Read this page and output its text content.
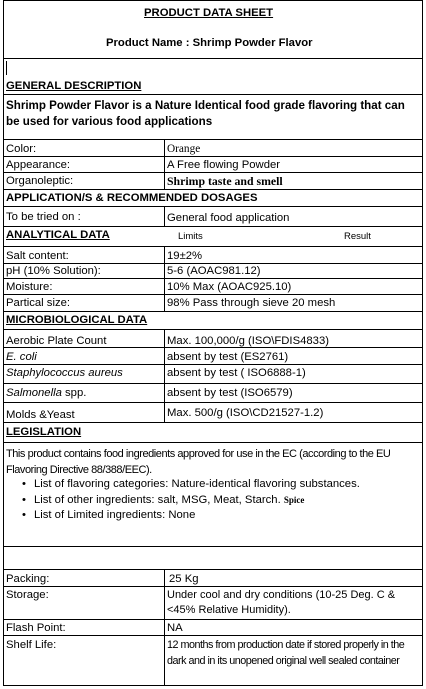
PRODUCT DATA SHEET
Product Name : Shrimp Powder Flavor
GENERAL DESCRIPTION
Shrimp Powder Flavor is a Nature Identical food grade flavoring that can be used for various food applications
Color:	Orange
Appearance:	A Free flowing Powder
Organoleptic:	Shrimp taste and smell
APPLICATION/S & RECOMMENDED DOSAGES
To be tried on :	General food application
ANALYTICAL DATA	Limits	Result
Salt content:	19±2%
pH (10% Solution):	5-6 (AOAC981.12)
Moisture:	10% Max (AOAC925.10)
Partical size:	98% Pass through sieve 20 mesh
MICROBIOLOGICAL DATA
Aerobic Plate Count	Max. 100,000/g (ISO\FDIS4833)
E. coli	absent by test (ES2761)
Staphylococcus aureus	absent by test ( ISO6888-1)
Salmonella spp.	absent by test (ISO6579)
Molds &Yeast	Max. 500/g (ISO\CD21527-1.2)
LEGISLATION
This product contains food ingredients approved for use in the EC (according to the EU Flavoring Directive 88/388/EEC).
• List of flavoring categories: Nature-identical flavoring substances.
• List of other ingredients: salt, MSG, Meat, Starch. Spice
• List of Limited ingredients: None
Packing:	25 Kg
Storage:	Under cool and dry conditions (10-25 Deg. C & <45% Relative Humidity).
Flash Point:	NA
Shelf Life:	12 months from production date if stored properly in the dark and in its unopened original well sealed container
